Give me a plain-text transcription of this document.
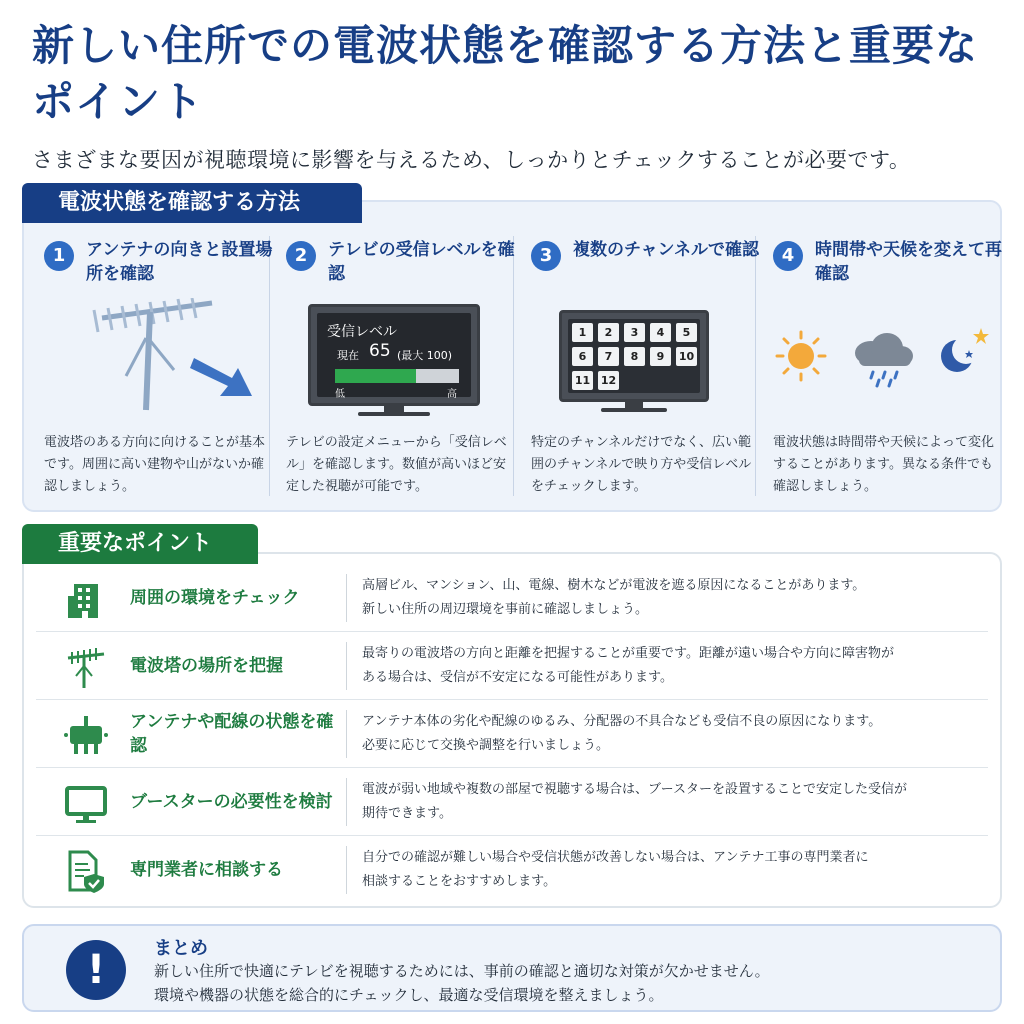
新しい住所での電波状態を確認する方法と重要なポイント
さまざまな要因が視聴環境に影響を与えるため、しっかりとチェックすることが必要です。
1	アンテナの向きと設置場所を確認
電波塔のある方向に向けることが基本です。周囲に高い建物や山がないか確認しましょう。
2	テレビの受信レベルを確認
受信レベル
現在 65 (最大 100)
低	高
テレビの設定メニューから「受信レベル」を確認します。数値が高いほど安定した視聴が可能です。
3	複数のチャンネルで確認
1	2	3	4	5
6	7	8	9	10
11 12
特定のチャンネルだけでなく、広い範囲のチャンネルで映り方や受信レベルをチェックします。
4	時間帯や天候を変えて再確認
電波状態は時間帯や天候によって変化することがあります。異なる条件でも確認しましょう。
電波状態を確認する方法
周囲の環境をチェック
高層ビル、マンション、山、電線、樹木などが電波を遮る原因になることがあります。
新しい住所の周辺環境を事前に確認しましょう。
電波塔の場所を把握
最寄りの電波塔の方向と距離を把握することが重要です。距離が遠い場合や方向に障害物が
ある場合は、受信が不安定になる可能性があります。
アンテナや配線の状態を確認
アンテナ本体の劣化や配線のゆるみ、分配器の不具合なども受信不良の原因になります。
必要に応じて交換や調整を行いましょう。
ブースターの必要性を検討
電波が弱い地域や複数の部屋で視聴する場合は、ブースターを設置することで安定した受信が
期待できます。
専門業者に相談する
自分での確認が難しい場合や受信状態が改善しない場合は、アンテナ工事の専門業者に
相談することをおすすめします。
重要なポイント
!	まとめ
新しい住所で快適にテレビを視聴するためには、事前の確認と適切な対策が欠かせません。
環境や機器の状態を総合的にチェックし、最適な受信環境を整えましょう。
